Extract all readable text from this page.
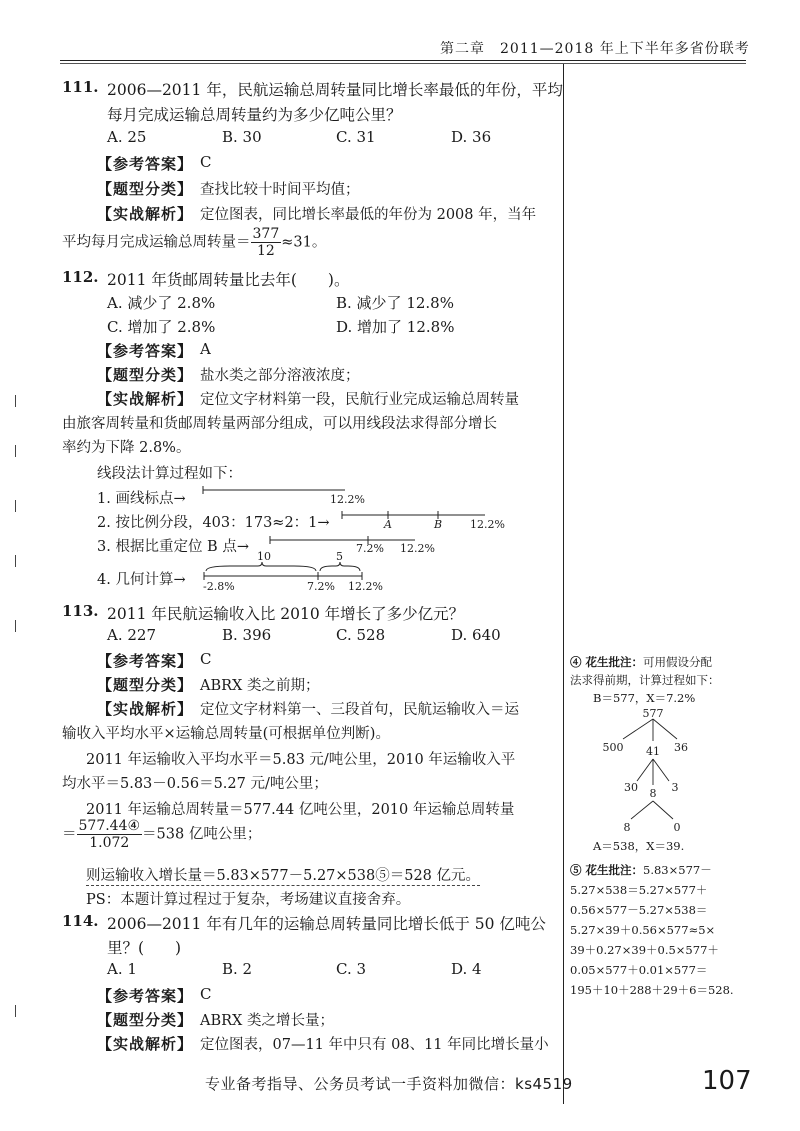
第二章　2011—2018 年上下半年多省份联考
111. 2006—2011 年，民航运输总周转量同比增长率最低的年份，平均
每月完成运输总周转量约为多少亿吨公里？
A. 25	B. 30	C. 31	D. 36
【参考答案】 C
【题型分类】 查找比较十时间平均值；
【实战解析】 定位图表，同比增长率最低的年份为 2008 年，当年
平均每月完成运输总周转量＝ $\frac{377}{12} \approx 31$。
112. 2011 年货邮周转量比去年(　　)。
A. 减少了 2.8%	B. 减少了 12.8%
C. 增加了 2.8%	D. 增加了 12.8%
【参考答案】 A
【题型分类】 盐水类之部分溶液浓度；
【实战解析】 定位文字材料第一段，民航行业完成运输总周转量
由旅客周转量和货邮周转量两部分组成，可以用线段法求得部分增长
率约为下降 2.8%。
线段法计算过程如下：
1. 画线标点→
2. 按比例分段，403：173≈2：1→
3. 根据比重定位 B 点→
4. 几何计算→
12.2%
A	B	12.2%
7.2% 12.2%
-2.8%	7.2% 12.2%
10	5
113. 2011 年民航运输收入比 2010 年增长了多少亿元？
A. 227	B. 396	C. 528	D. 640
【参考答案】 C
【题型分类】 ABRX 类之前期；
【实战解析】 定位文字材料第一、三段首句，民航运输收入＝运
输收入平均水平×运输总周转量(可根据单位判断)。
2011 年运输收入平均水平＝5.83 元/吨公里，2010 年运输收入平
均水平＝5.83－0.56＝5.27 元/吨公里；
2011 年运输总周转量＝577.44 亿吨公里，2010 年运输总周转量
＝ $\frac{\text{577.44④}}{1.072} =538$ 亿吨公里；
则运输收入增长量＝5.83×577－5.27×538⑤＝528 亿元。
PS：本题计算过程过于复杂，考场建议直接舍弃。
114. 2006—2011 年有几年的运输总周转量同比增长低于 50 亿吨公
里？(　　)
A. 1	B. 2	C. 3	D. 4
【参考答案】 C
【题型分类】 ABRX 类之增长量；
【实战解析】 定位图表，07—11 年中只有 08、11 年同比增长量小
④ 花生批注：可用假设分配
法求得前期，计算过程如下：
B＝577，X＝7.2%
577
500 41 36
30 8 3
8	0
A＝538，X＝39.
⑤ 花生批注：5.83×577－
5.27×538＝5.27×577＋
0.56×577－5.27×538＝
5.27×39＋0.56×577≈5×
39＋0.27×39＋0.5×577＋
0.05×577＋0.01×577＝
195＋10＋288＋29＋6＝528.
专业备考指导、公务员考试一手资料加微信：ks4519	107
